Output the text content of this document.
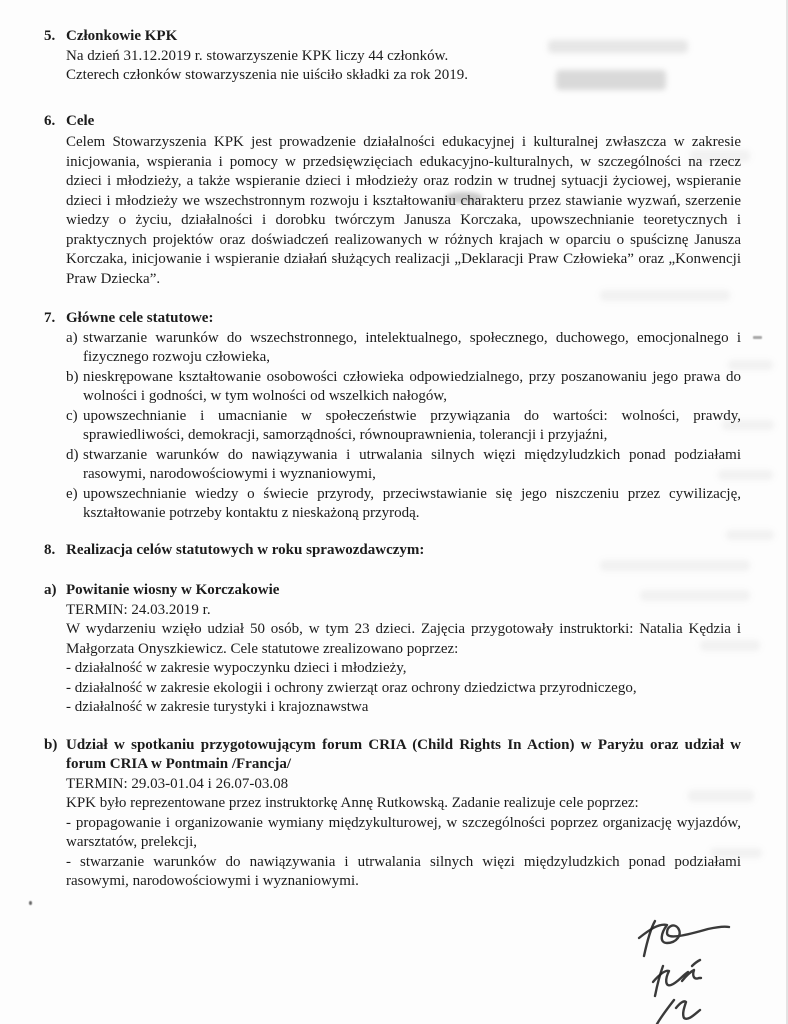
5. Członkowie KPK
Na dzień 31.12.2019 r. stowarzyszenie KPK liczy 44 członków.
Czterech członków stowarzyszenia nie uiściło składki za rok 2019.
6. Cele
Celem Stowarzyszenia KPK jest prowadzenie działalności edukacyjnej i kulturalnej zwłaszcza w zakresie inicjowania, wspierania i pomocy w przedsięwzięciach edukacyjno-kulturalnych, w szczególności na rzecz dzieci i młodzieży, a także wspieranie dzieci i młodzieży oraz rodzin w trudnej sytuacji życiowej, wspieranie dzieci i młodzieży we wszechstronnym rozwoju i kształtowaniu charakteru przez stawianie wyzwań, szerzenie wiedzy o życiu, działalności i dorobku twórczym Janusza Korczaka, upowszechnianie teoretycznych i praktycznych projektów oraz doświadczeń realizowanych w różnych krajach w oparciu o spuściznę Janusza Korczaka, inicjowanie i wspieranie działań służących realizacji „Deklaracji Praw Człowieka” oraz „Konwencji Praw Dziecka”.
7. Główne cele statutowe:
a) stwarzanie warunków do wszechstronnego, intelektualnego, społecznego, duchowego, emocjonalnego i fizycznego rozwoju człowieka,
b) nieskrępowane kształtowanie osobowości człowieka odpowiedzialnego, przy poszanowaniu jego prawa do wolności i godności, w tym wolności od wszelkich nałogów,
c) upowszechnianie i umacnianie w społeczeństwie przywiązania do wartości: wolności, prawdy, sprawiedliwości, demokracji, samorządności, równouprawnienia, tolerancji i przyjaźni,
d) stwarzanie warunków do nawiązywania i utrwalania silnych więzi międzyludzkich ponad podziałami rasowymi, narodowościowymi i wyznaniowymi,
e) upowszechnianie wiedzy o świecie przyrody, przeciwstawianie się jego niszczeniu przez cywilizację, kształtowanie potrzeby kontaktu z nieskażoną przyrodą.
8. Realizacja celów statutowych w roku sprawozdawczym:
a) Powitanie wiosny w Korczakowie
TERMIN: 24.03.2019 r.
W wydarzeniu wzięło udział 50 osób, w tym 23 dzieci. Zajęcia przygotowały instruktorki: Natalia Kędzia i Małgorzata Onyszkiewicz. Cele statutowe zrealizowano poprzez:
- działalność w zakresie wypoczynku dzieci i młodzieży,
- działalność w zakresie ekologii i ochrony zwierząt oraz ochrony dziedzictwa przyrodniczego,
- działalność w zakresie turystyki i krajoznawstwa
b) Udział w spotkaniu przygotowującym forum CRIA (Child Rights In Action) w Paryżu oraz udział w forum CRIA w Pontmain /Francja/
TERMIN: 29.03-01.04 i 26.07-03.08
KPK było reprezentowane przez instruktorkę Annę Rutkowską. Zadanie realizuje cele poprzez:
- propagowanie i organizowanie wymiany międzykulturowej, w szczególności poprzez organizację wyjazdów, warsztatów, prelekcji,
- stwarzanie warunków do nawiązywania i utrwalania silnych więzi międzyludzkich ponad podziałami rasowymi, narodowościowymi i wyznaniowymi.
